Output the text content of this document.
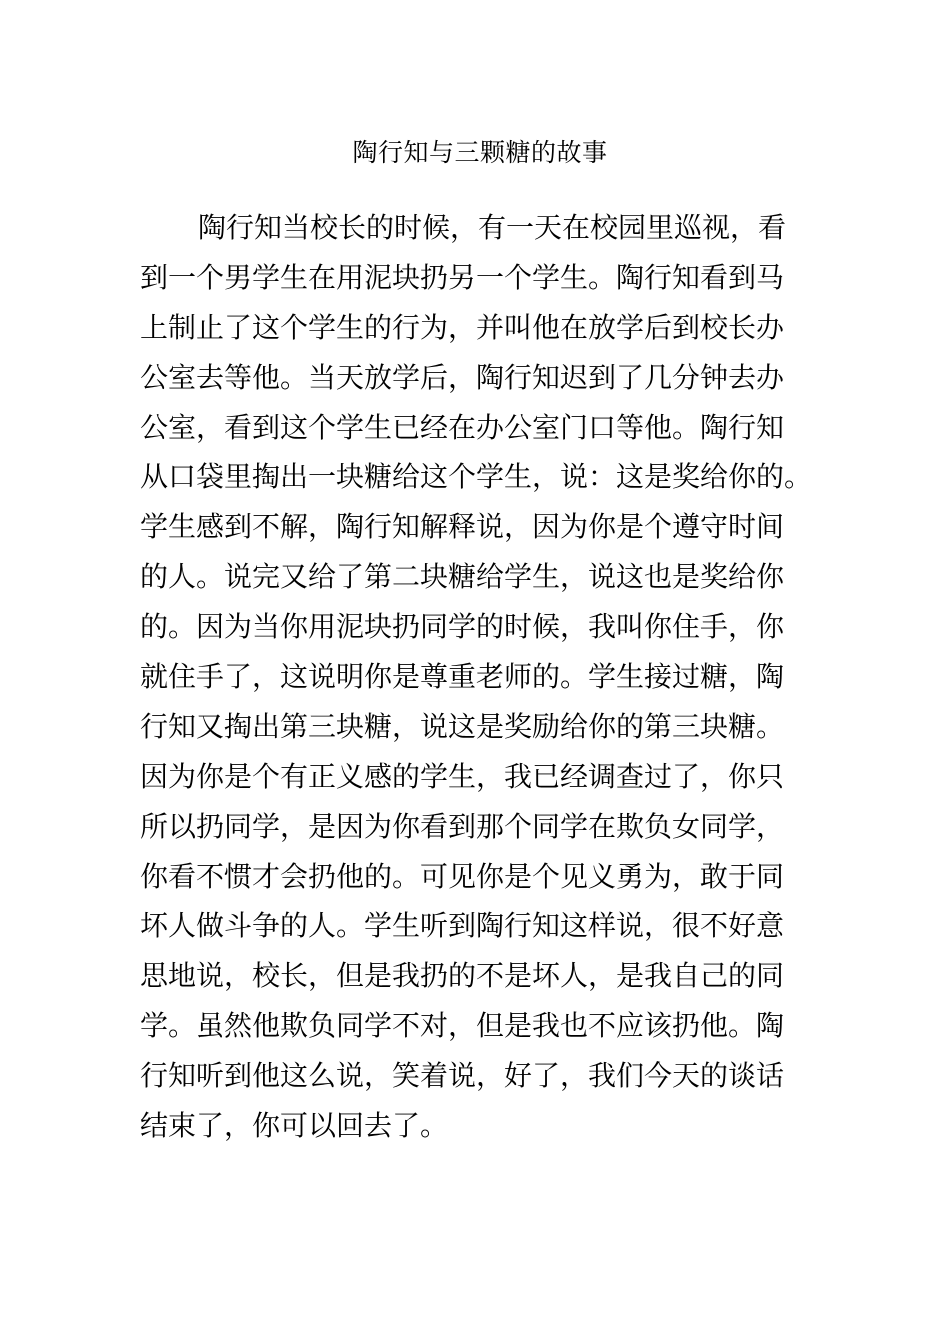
陶行知与三颗糖的故事
陶行知当校长的时候，有一天在校园里巡视，看
到一个男学生在用泥块扔另一个学生。陶行知看到马
上制止了这个学生的行为，并叫他在放学后到校长办
公室去等他。当天放学后，陶行知迟到了几分钟去办
公室，看到这个学生已经在办公室门口等他。陶行知
从口袋里掏出一块糖给这个学生，说：这是奖给你的。
学生感到不解，陶行知解释说，因为你是个遵守时间
的人。说完又给了第二块糖给学生，说这也是奖给你
的。因为当你用泥块扔同学的时候，我叫你住手，你
就住手了，这说明你是尊重老师的。学生接过糖，陶
行知又掏出第三块糖，说这是奖励给你的第三块糖。
因为你是个有正义感的学生，我已经调查过了，你只
所以扔同学，是因为你看到那个同学在欺负女同学，
你看不惯才会扔他的。可见你是个见义勇为，敢于同
坏人做斗争的人。学生听到陶行知这样说，很不好意
思地说，校长，但是我扔的不是坏人，是我自己的同
学。虽然他欺负同学不对，但是我也不应该扔他。陶
行知听到他这么说，笑着说，好了，我们今天的谈话
结束了，你可以回去了。
